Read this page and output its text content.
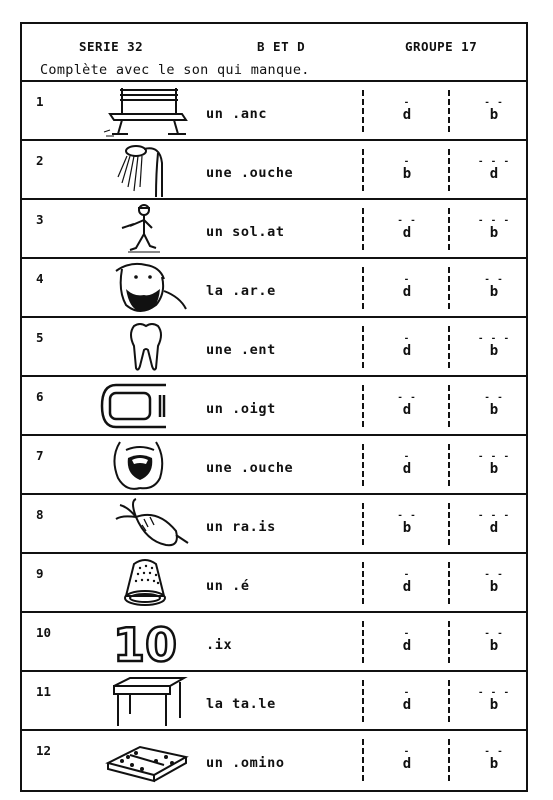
SERIE 32	B ET D	GROUPE 17
Complète avec le son qui manque.
1
un .anc
-
d
- -
b
2
une .ouche
-
b
- - -
d
3
un sol.at
- -
d
- - -
b
4
la .ar.e
-
d
- -
b
5
une .ent
-
d
- - -
b
6
un .oigt
- -
d
- -
b
7
une .ouche
-
d
- - -
b
8
un ra.is
- -
b
- - -
d
9
un .é
-
d
- -
b
10 10 .ix
-
d
- -
b
11
la ta.le
-
d
- - -
b
12
un .omino
-
d
- -
b
